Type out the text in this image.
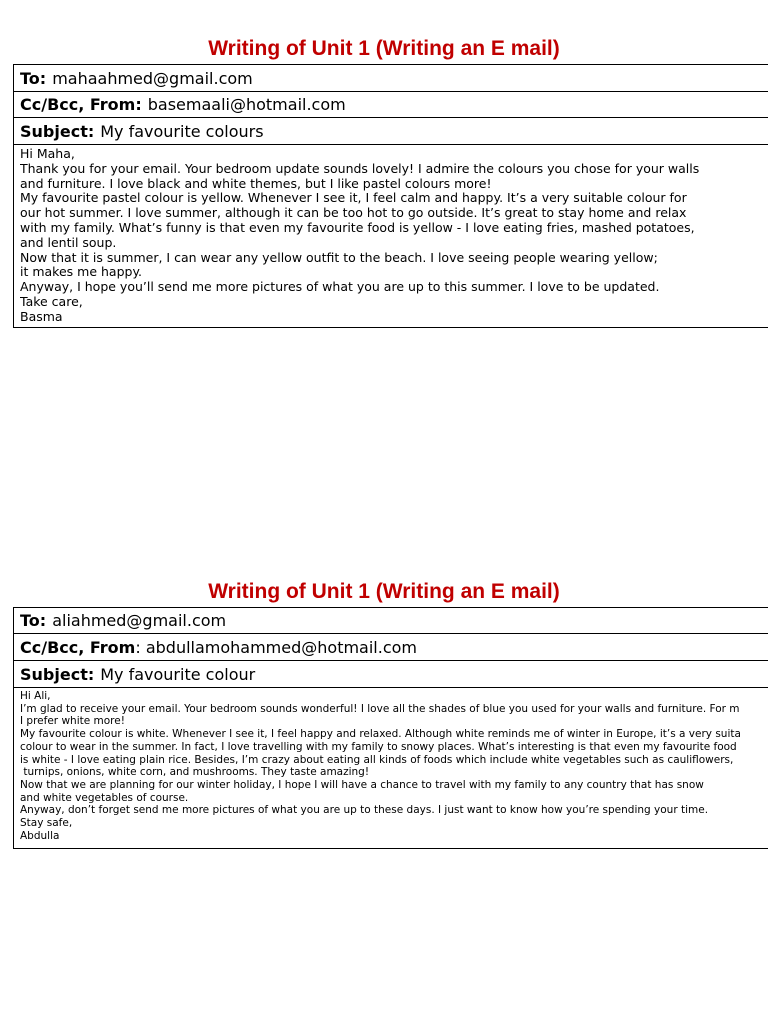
Writing of Unit 1 (Writing an E mail)
To: mahaahmed@gmail.com
Cc/Bcc, From: basemaali@hotmail.com
Subject: My favourite colours
Hi Maha,
Thank you for your email. Your bedroom update sounds lovely! I admire the colours you chose for your walls
and furniture. I love black and white themes, but I like pastel colours more!
My favourite pastel colour is yellow. Whenever I see it, I feel calm and happy. It’s a very suitable colour for
our hot summer. I love summer, although it can be too hot to go outside. It’s great to stay home and relax
with my family. What’s funny is that even my favourite food is yellow - I love eating fries, mashed potatoes,
and lentil soup.
Now that it is summer, I can wear any yellow outfit to the beach. I love seeing people wearing yellow;
it makes me happy.
Anyway, I hope you’ll send me more pictures of what you are up to this summer. I love to be updated.
Take care,
Basma
Writing of Unit 1 (Writing an E mail)
To: aliahmed@gmail.com
Cc/Bcc, From : abdullamohammed@hotmail.com
Subject: My favourite colour
Hi Ali,
I’m glad to receive your email. Your bedroom sounds wonderful! I love all the shades of blue you used for your walls and furniture. For m
I prefer white more!
My favourite colour is white. Whenever I see it, I feel happy and relaxed. Although white reminds me of winter in Europe, it’s a very suita
colour to wear in the summer. In fact, I love travelling with my family to snowy places. What’s interesting is that even my favourite food
is white - I love eating plain rice. Besides, I’m crazy about eating all kinds of foods which include white vegetables such as cauliflowers,
turnips, onions, white corn, and mushrooms. They taste amazing!
Now that we are planning for our winter holiday, I hope I will have a chance to travel with my family to any country that has snow
and white vegetables of course.
Anyway, don’t forget send me more pictures of what you are up to these days. I just want to know how you’re spending your time.
Stay safe,
Abdulla
